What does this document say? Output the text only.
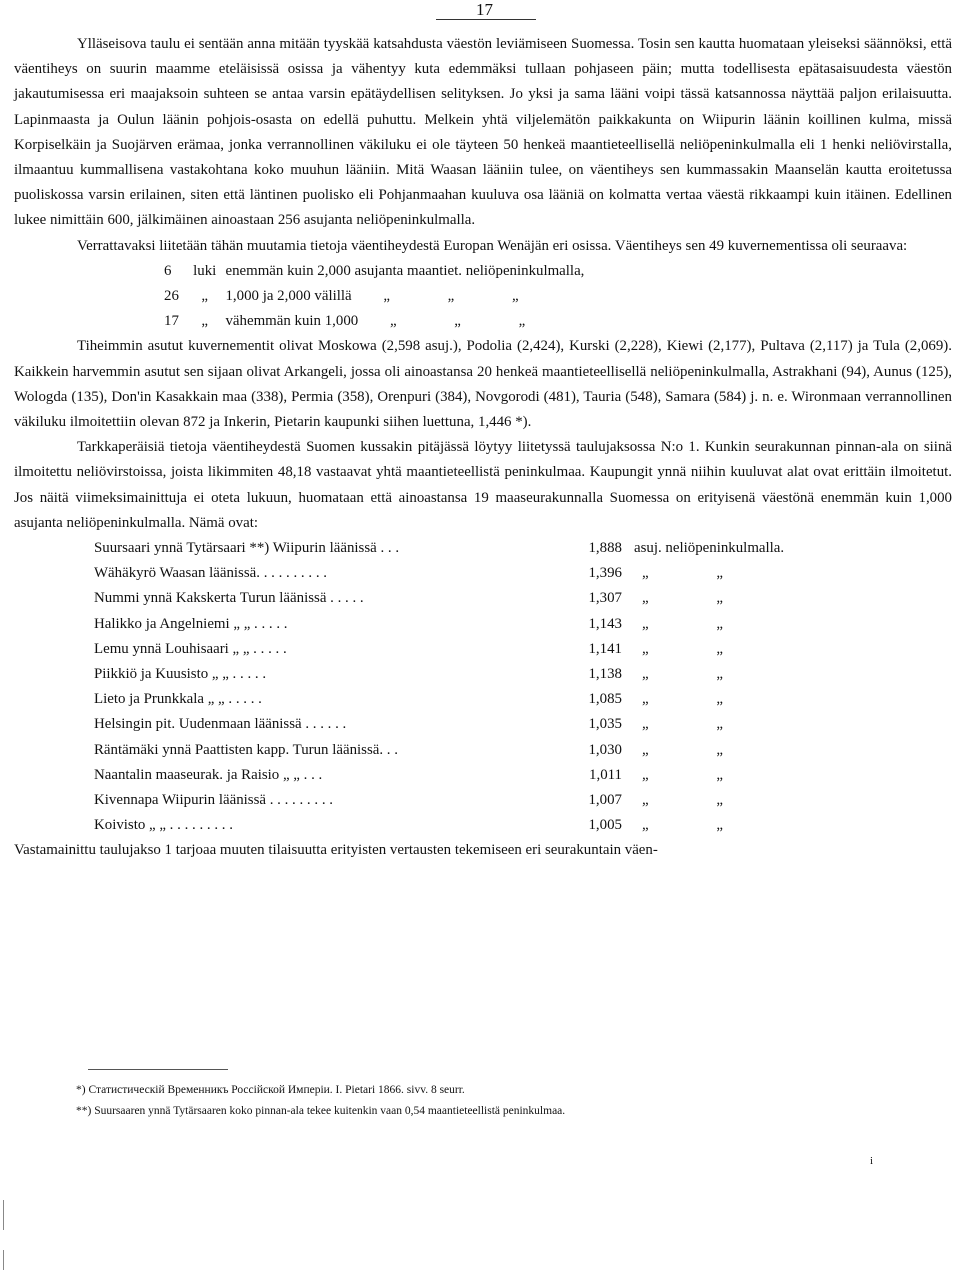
17

Ylläseisova taulu ei sentään anna mitään tyyskää katsahdusta väestön leviämiseen Suomessa. Tosin sen kautta huomataan yleiseksi säännöksi, että väentiheys on suurin maamme eteläisissä osissa ja vähentyy kuta edemmäksi tullaan pohjaseen päin; mutta todellisesta epätasaisuudesta väestön jakautumisessa eri maajaksoin suhteen se antaa varsin epätäydellisen selityksen. Jo yksi ja sama lääni voipi tässä katsannossa näyttää paljon erilaisuutta. Lapinmaasta ja Oulun läänin pohjois-osasta on edellä puhuttu. Melkein yhtä viljelemätön paikkakunta on Wiipurin läänin koillinen kulma, missä Korpiselkäin ja Suojärven erämaa, jonka verrannollinen väkiluku ei ole täyteen 50 henkeä maantieteellisellä neliöpeninkulmalla eli 1 henki neliövirstalla, ilmaantuu kummallisena vastakohtana koko muuhun lääniin. Mitä Waasan lääniin tulee, on väentiheys sen kummassakin Maanselän kautta eroitetussa puoliskossa varsin erilainen, siten että läntinen puolisko eli Pohjanmaahan kuuluva osa lääniä on kolmatta vertaa väestä rikkaampi kuin itäinen. Edellinen lukee nimittäin 600, jälkimäinen ainoastaan 256 asujanta neliöpeninkulmalla.

Verrattavaksi liitetään tähän muutamia tietoja väentiheydestä Europan Wenäjän eri osissa. Väentiheys sen 49 kuvernementissa oli seuraava:

6 luki enemmän kuin 2,000 asujanta maantiet. neliöpeninkulmalla,
26 „ 1,000 ja 2,000 välillä „ „ „
17 „ vähemmän kuin 1,000 „ „ „

Tiheimmin asutut kuvernementit olivat Moskowa (2,598 asuj.), Podolia (2,424), Kurski (2,228), Kiewi (2,177), Pultava (2,117) ja Tula (2,069). Kaikkein harvemmin asutut sen sijaan olivat Arkangeli, jossa oli ainoastansa 20 henkeä maantieteellisellä neliöpeninkulmalla, Astrakhani (94), Aunus (125), Wologda (135), Don'in Kasakkain maa (338), Permia (358), Orenpuri (384), Novgorodi (481), Tauria (548), Samara (584) j. n. e. Wironmaan verrannollinen väkiluku ilmoitettiin olevan 872 ja Inkerin, Pietarin kaupunki siihen luettuna, 1,446 *).

Tarkkaperäisiä tietoja väentiheydestä Suomen kussakin pitäjässä löytyy liitetyssä taulujaksossa N:o 1. Kunkin seurakunnan pinnan-ala on siinä ilmoitettu neliövirstoissa, joista likimmiten 48,18 vastaavat yhtä maantieteellistä peninkulmaa. Kaupungit ynnä niihin kuuluvat alat ovat erittäin ilmoitetut. Jos näitä viimeksimainittuja ei oteta lukuun, huomataan että ainoastansa 19 maaseurakunnalla Suomessa on erityisenä väestönä enemmän kuin 1,000 asujanta neliöpeninkulmalla. Nämä ovat:

Suursaari ynnä Tytärsaari **) Wiipurin läänissä . . .	1,888 asuj. neliöpeninkulmalla.
Wähäkyrö Waasan läänissä. . . . . . . . . .	1,396 „ „
Nummi ynnä Kakskerta Turun läänissä . . . . .	1,307 „ „
Halikko ja Angelniemi „ „ . . . . .	1,143 „ „
Lemu ynnä Louhisaari „ „ . . . . .	1,141 „ „
Piikkiö ja Kuusisto „ „ . . . . .	1,138 „ „
Lieto ja Prunkkala „ „ . . . . .	1,085 „ „
Helsingin pit. Uudenmaan läänissä . . . . . .	1,035 „ „
Räntämäki ynnä Paattisten kapp. Turun läänissä. . .	1,030 „ „
Naantalin maaseurak. ja Raisio „ „ . . .	1,011 „ „
Kivennapa Wiipurin läänissä . . . . . . . . .	1,007 „ „
Koivisto „ „ . . . . . . . . .	1,005 „ „

Vastamainittu taulujakso 1 tarjoaa muuten tilaisuutta erityisten vertausten tekemiseen eri seurakuntain väen-

*) Статистическій Временникъ Россійской Имперіи. I. Pietari 1866. sivv. 8 seurr.

**) Suursaaren ynnä Tytärsaaren koko pinnan-ala tekee kuitenkin vaan 0,54 maantieteellistä peninkulmaa.

і
